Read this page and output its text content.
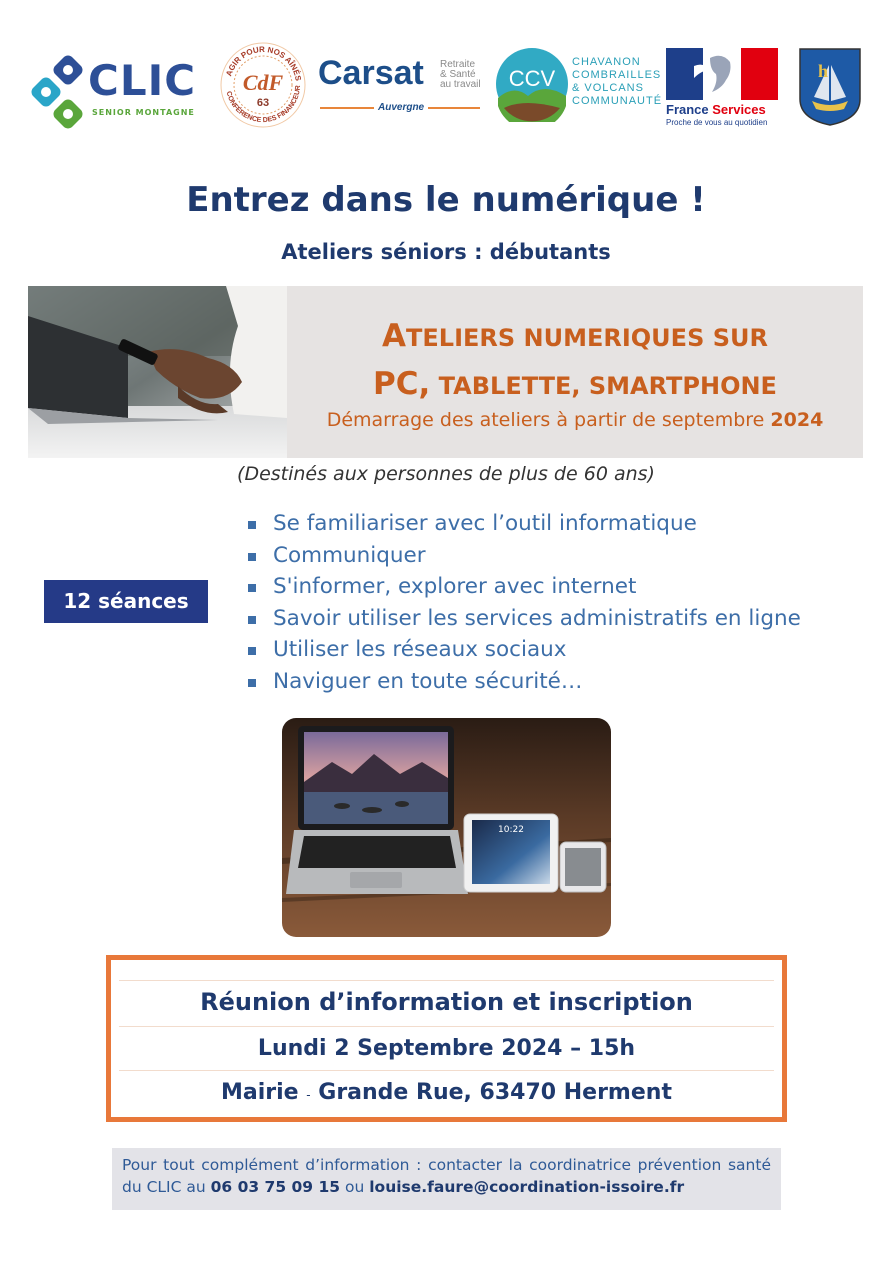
CLIC
SENIOR MONTAGNE
AGIR POUR NOS AÎNÉS
CONFÉRENCE DES FINANCEUR
CdF
63
Carsat Retraite
& Santé
au travail
Auvergne
CCV
CHAVANON
COMBRAILLES
& VOLCANS
COMMUNAUTÉ
France Services
Proche de vous au quotidien
h
Entrez dans le numérique !
Ateliers séniors : débutants
ATELIERS NUMERIQUES SUR
PC, TABLETTE, SMARTPHONE
Démarrage des ateliers à partir de septembre 2024

(Destinés aux personnes de plus de 60 ans)

12 séances
Se familiariser avec l’outil informatique
Communiquer
S'informer, explorer avec internet
Savoir utiliser les services administratifs en ligne
Utiliser les réseaux sociaux
Naviguer en toute sécurité…
10:22
Réunion d’information et inscription
Lundi 2 Septembre 2024 – 15h
Mairie - Grande Rue, 63470 Herment
Pour tout complément d’information : contacter la coordinatrice prévention santé du CLIC au 06 03 75 09 15 ou louise.faure@coordination-issoire.fr
